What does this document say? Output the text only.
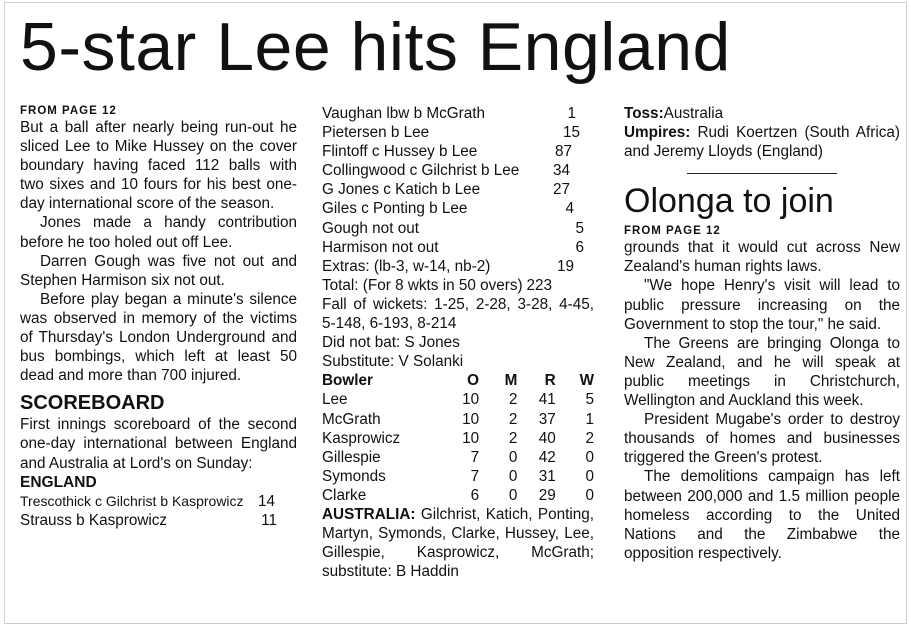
5-star Lee hits England
FROM PAGE 12

But a ball after nearly being run-out he sliced Lee to Mike Hussey on the cover boundary having faced 112 balls with two sixes and 10 fours for his best one-day international score of the season.

Jones made a handy contribution before he too holed out off Lee.

Darren Gough was five not out and Stephen Harmison six not out.

Before play began a minute's silence was observed in memory of the victims of Thursday's London Underground and bus bombings, which left at least 50 dead and more than 700 injured.

SCOREBOARD

First innings scoreboard of the second one-day international between England and Australia at Lord's on Sunday:

ENGLAND
Trescothick c Gilchrist b Kasprowicz 14
Strauss b Kasprowicz	11
Vaughan lbw b McGrath	1
Pietersen b Lee	15
Flintoff c Hussey b Lee	87
Collingwood c Gilchrist b Lee	34
G Jones c Katich b Lee	27
Giles c Ponting b Lee	4
Gough not out	5
Harmison not out	6
Extras: (lb-3, w-14, nb-2)	19
Total: (For 8 wkts in 50 overs) 223

Fall of wickets: 1-25, 2-28, 3-28, 4-45, 5-148, 6-193, 8-214

Did not bat: S Jones
Substitute: V Solanki
Bowler	O	M	R	W
Lee	10	2	41	5
McGrath	10	2	37	1
Kasprowicz	10	2	40	2
Gillespie	7	0	42	0
Symonds	7	0	31	0
Clarke	6	0	29	0

AUSTRALIA: Gilchrist, Katich, Ponting, Martyn, Symonds, Clarke, Hussey, Lee, Gillespie, Kasprowicz, McGrath; substitute: B Haddin

Toss:Australia

Umpires: Rudi Koertzen (South Africa) and Jeremy Lloyds (England)

Olonga to join
FROM PAGE 12

grounds that it would cut across New Zealand's human rights laws.

"We hope Henry's visit will lead to public pressure increasing on the Government to stop the tour," he said.

The Greens are bringing Olonga to New Zealand, and he will speak at public meetings in Christchurch, Wellington and Auckland this week.

President Mugabe's order to destroy thousands of homes and businesses triggered the Green's protest.

The demolitions campaign has left between 200,000 and 1.5 million people homeless according to the United Nations and the Zimbabwe the opposition respectively.
